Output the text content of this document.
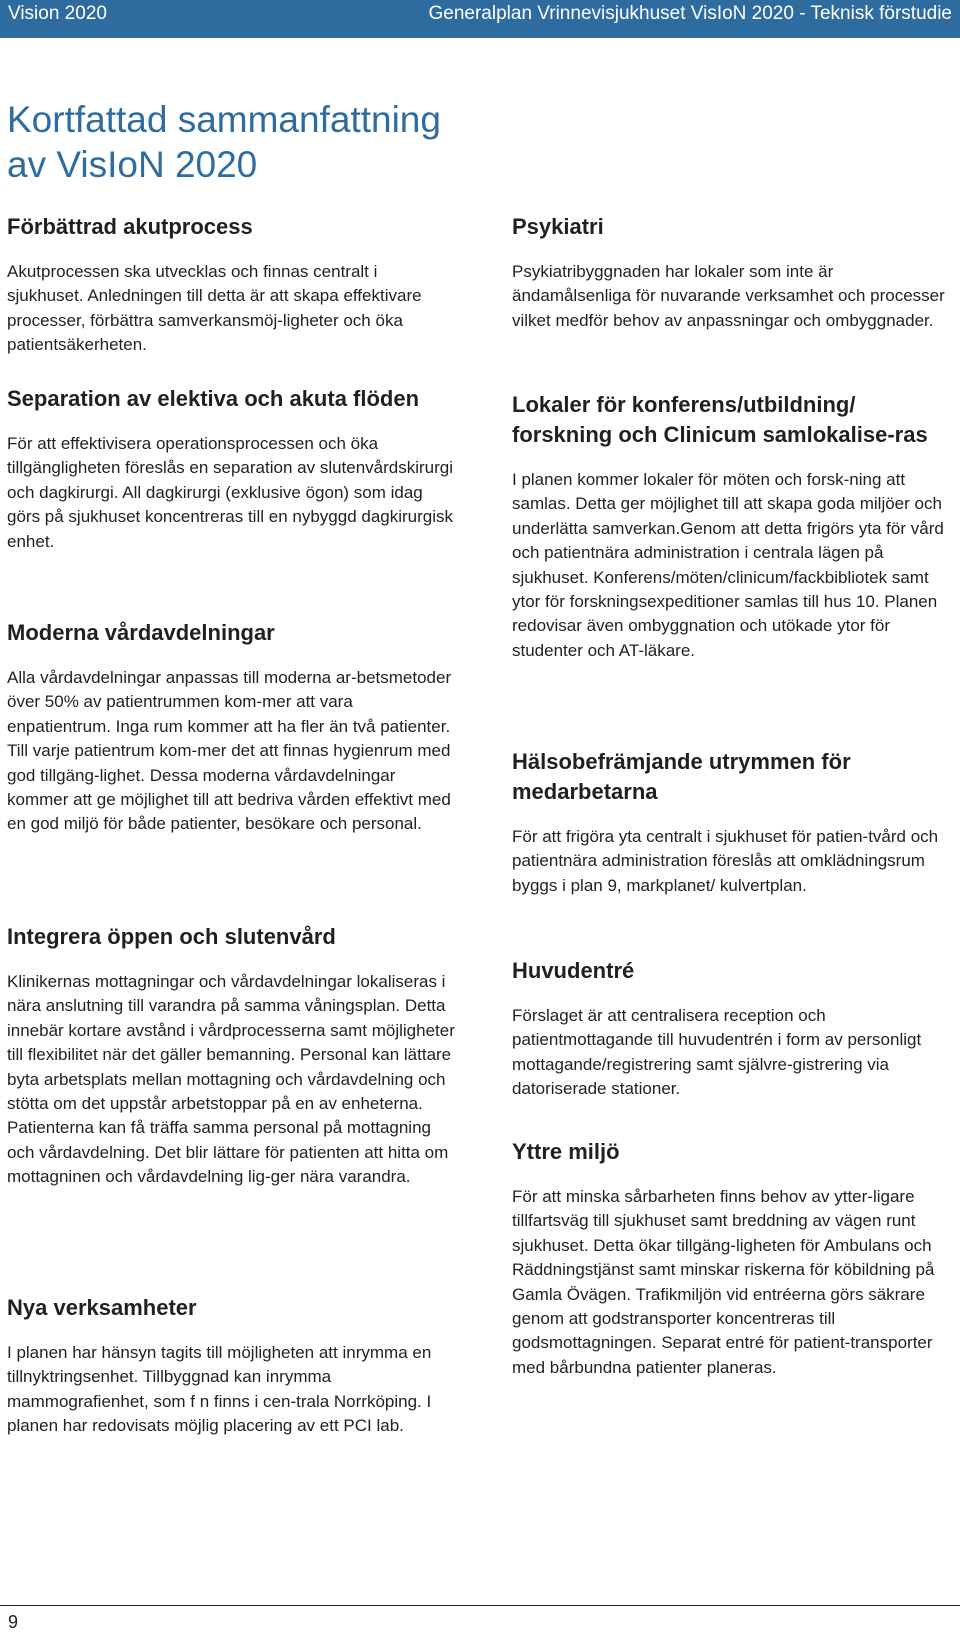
Vision 2020	Generalplan Vrinnevisjukhuset VisIoN 2020 - Teknisk förstudie
Kortfattad sammanfattning
av VisIoN 2020
Förbättrad akutprocess

Akutprocessen ska utvecklas och finnas centralt i sjukhuset. Anledningen till detta är att skapa effektivare processer, förbättra samverkansmöj-ligheter och öka patientsäkerheten.

Separation av elektiva och akuta flöden

För att effektivisera operationsprocessen och öka tillgängligheten föreslås en separation av slutenvårdskirurgi och dagkirurgi. All dagkirurgi (exklusive ögon) som idag görs på sjukhuset koncentreras till en nybyggd dagkirurgisk enhet.

Moderna vårdavdelningar

Alla vårdavdelningar anpassas till moderna ar-betsmetoder över 50% av patientrummen kom-mer att vara enpatientrum. Inga rum kommer att ha fler än två patienter. Till varje patientrum kom-mer det att finnas hygienrum med god tillgäng-lighet. Dessa moderna vårdavdelningar kommer att ge möjlighet till att bedriva vården effektivt med en god miljö för både patienter, besökare och personal.

Integrera öppen och slutenvård

Klinikernas mottagningar och vårdavdelningar lokaliseras i nära anslutning till varandra på samma våningsplan. Detta innebär kortare avstånd i vårdprocesserna samt möjligheter till flexibilitet när det gäller bemanning. Personal kan lättare byta arbetsplats mellan mottagning och vårdavdelning och stötta om det uppstår arbetstoppar på en av enheterna. Patienterna kan få träffa samma personal på mottagning och vårdavdelning. Det blir lättare för patienten att hitta om mottagninen och vårdavdelning lig-ger nära varandra.

Nya verksamheter

I planen har hänsyn tagits till möjligheten att inrymma en tillnyktringsenhet. Tillbyggnad kan inrymma mammografienhet, som f n finns i cen-trala Norrköping. I planen har redovisats möjlig placering av ett PCI lab.

Psykiatri

Psykiatribyggnaden har lokaler som inte är ändamålsenliga för nuvarande verksamhet och processer vilket medför behov av anpassningar och ombyggnader.

Lokaler för konferens/utbildning/ forskning och Clinicum samlokalise-ras

I planen kommer lokaler för möten och forsk-ning att samlas. Detta ger möjlighet till att skapa goda miljöer och underlätta samverkan.Genom att detta frigörs yta för vård och patientnära administration i centrala lägen på sjukhuset. Konferens/möten/clinicum/fackbibliotek samt ytor för forskningsexpeditioner samlas till hus 10. Planen redovisar även ombyggnation och utökade ytor för studenter och AT-läkare.

Hälsobefrämjande utrymmen för medarbetarna

För att frigöra yta centralt i sjukhuset för patien-tvård och patientnära administration föreslås att omklädningsrum byggs i plan 9, markplanet/ kulvertplan.

Huvudentré

Förslaget är att centralisera reception och patientmottagande till huvudentrén i form av personligt mottagande/registrering samt självre-gistrering via datoriserade stationer.

Yttre miljö

För att minska sårbarheten finns behov av ytter-ligare tillfartsväg till sjukhuset samt breddning av vägen runt sjukhuset. Detta ökar tillgäng-ligheten för Ambulans och Räddningstjänst samt minskar riskerna för köbildning på Gamla Övägen. Trafikmiljön vid entréerna görs säkrare genom att godstransporter koncentreras till godsmottagningen. Separat entré för patient-transporter med bårbundna patienter planeras.

9
